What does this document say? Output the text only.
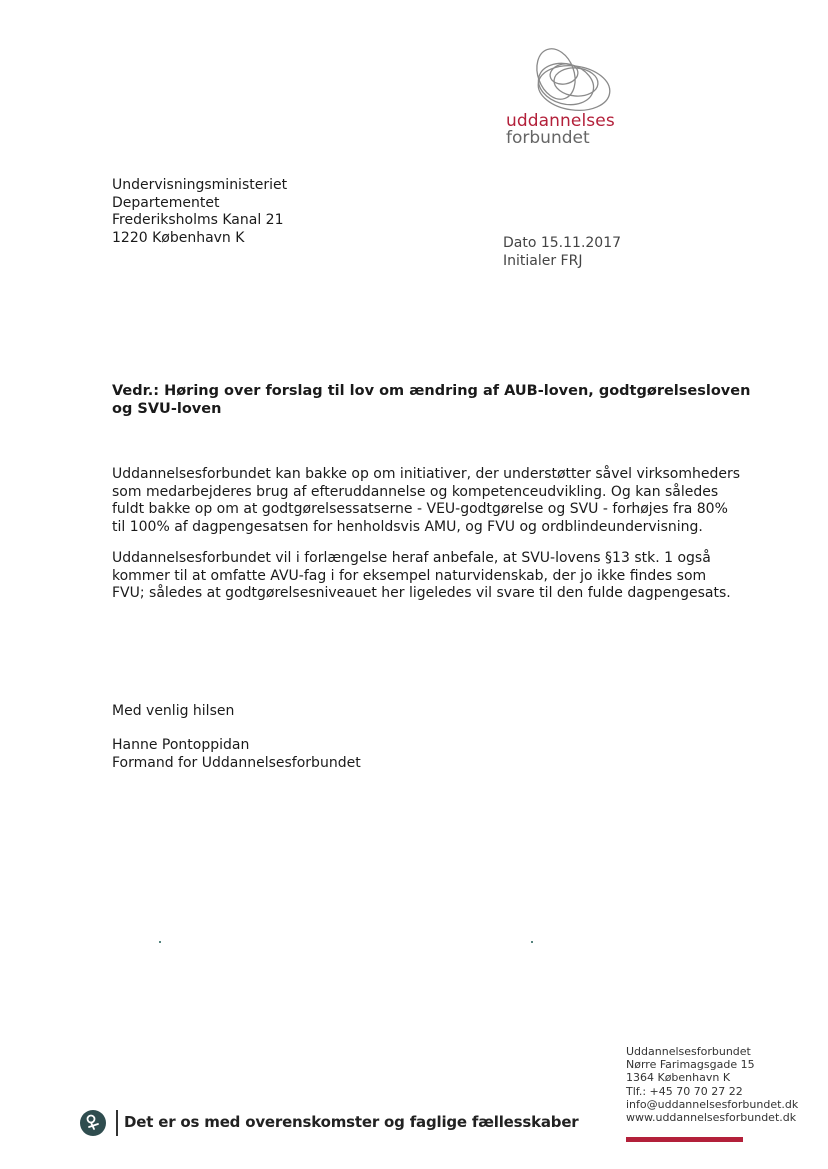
uddannelses
forbundet
Undervisningsministeriet
Departementet
Frederiksholms Kanal 21
1220 København K	Dato 15.11.2017
Initialer FRJ
Vedr.: Høring over forslag til lov om ændring af AUB-loven, godtgørelsesloven
og SVU-loven
Uddannelsesforbundet kan bakke op om initiativer, der understøtter såvel virksomheders
som medarbejderes brug af efteruddannelse og kompetenceudvikling. Og kan således
fuldt bakke op om at godtgørelsessatserne - VEU-godtgørelse og SVU - forhøjes fra 80%
til 100% af dagpengesatsen for henholdsvis AMU, og FVU og ordblindeundervisning.
Uddannelsesforbundet vil i forlængelse heraf anbefale, at SVU-lovens §13 stk. 1 også
kommer til at omfatte AVU-fag i for eksempel naturvidenskab, der jo ikke findes som
FVU; således at godtgørelsesniveauet her ligeledes vil svare til den fulde dagpengesats.
Med venlig hilsen
Hanne Pontoppidan
Formand for Uddannelsesforbundet
Det er os med overenskomster og faglige fællesskaber
Uddannelsesforbundet
Nørre Farimagsgade 15
1364 København K
Tlf.: +45 70 70 27 22
info@uddannelsesforbundet.dk
www.uddannelsesforbundet.dk
